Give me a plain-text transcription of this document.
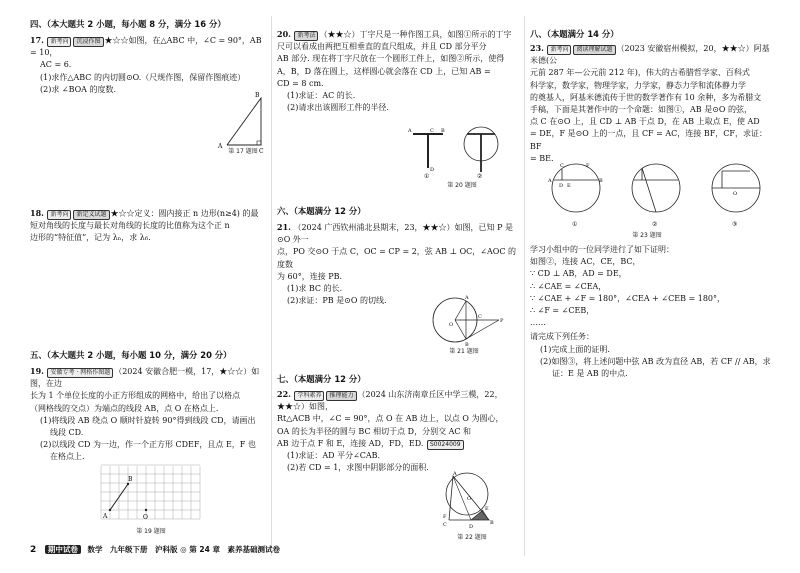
四、（本大题共 2 小题，每小题 8 分，满分 16 分）

17. 新考向 沉浸作图 ★☆☆如图，在△ABC 中，∠C = 90°，AB = 10，

AC = 6.

(1)求作△ABC 的内切圆⊙O.（尺规作图，保留作图痕迹）

(2)求 ∠BOA 的度数.

A
B
C

第 17 题图

18. 新考向 新定义试题 ★☆☆定义：圆内接正 n 边形(n≥4) 的最

短对角线的长度与最长对角线的长度的比值称为这个正 n

边形的“特征值”，记为 λₙ，求 λ₆.

五、（本大题共 2 小题，每小题 10 分，满分 20 分）

19. 安徽专考 · 网格作图题 （2024 安徽合肥一模，17，★☆☆）如图，在边

长为 1 个单位长度的小正方形组成的网格中，给出了以格点

（网格线的交点）为端点的线段 AB，点 O 在格点上.

(1)将线段 AB 绕点 O 顺时针旋转 90°得到线段 CD，请画出

线段 CD.

(2)以线段 CD 为一边，作一个正方形 CDEF，且点 E，F 也

在格点上.

A
B
O

第 19 题图

20. 新考法 （★★☆）丁字尺是一种作图工具，如图①所示的丁字

尺可以看成由两把互相垂直的直尺组成，并且 CD 部分平分

AB 部分. 现在将丁字尺放在一个圆形工件上，如图②所示，使得

A，B，D 落在圆上，这样圆心就会落在 CD 上，已知 AB =

CD = 8 cm.

(1)求证：AC 的长.

(2)请求出该圆形工件的半径.

A	B
C
D
①	②

第 20 题图

六、（本题满分 12 分）

21. （2024 广西钦州浦北县期末，23，★★☆）如图，已知 P 是⊙O 外一

点，PO 交⊙O 于点 C，OC = CP = 2，弦 AB ⊥ OC，∠AOC 的度数

为 60°，连接 PB.

(1)求 BC 的长.

(2)求证：PB 是⊙O 的切线.	A
B
C
O
P

第 21 题图

七、（本题满分 12 分）

22. 学科素养 推理能力 （2024 山东济南章丘区中学三模，22，★★☆）如图，

Rt△ACB 中，∠C = 90°，点 O 在 AB 边上，以点 O 为圆心，

OA 的长为半径的圆与 BC 相切于点 D，分别交 AC 和

AB 边于点 F 和 E，连接 AD，FD，ED. S0024009

(1)求证：AD 平分∠CAB.

(2)若 CD = 1，求图中阴影部分的面积.

A
B
C	D
E
F
O

第 22 题图

八、（本题满分 14 分）

23. 新考向 阅读理解试题 （2023 安徽宿州模拟，20，★★☆）阿基米德(公

元前 287 年—公元前 212 年)，伟大的古希腊哲学家、百科式

科学家，数学家，物理学家，力学家，静态力学和流体静力学

的奠基人，阿基米德流传于世的数学著作有 10 余种，多为希腊文

手稿，下面是其著作中的一个命题：如图①，AB 是⊙O 的弦，

点 C 在⊙O 上，且 CD ⊥ AB 于点 D，在 AB 上取点 E，使 AD

= DE，F 是⊙O 上的一点，且 CF = AC，连接 BF，CF，求证：BF

= BE.

①	②	③
A	B
C
D E
F
O

第 23 题图

学习小组中的一位同学进行了如下证明：

如图②，连接 AC，CE，BC，

∵ CD ⊥ AB，AD = DE，

∴ ∠CAE = ∠CEA，

∵ ∠CAE + ∠F = 180°，∠CEA + ∠CEB = 180°，

∴ ∠F = ∠CEB，

……

请完成下列任务：

(1)完成上面的证明.

(2)如图③，将上述问题中弦 AB 改为直径 AB，若 CF // AB，求

证：E 是 AB 的中点.

2 期中试卷 数学　九年级下册　沪科版 ◎ 第 24 章　素养基础测试卷
